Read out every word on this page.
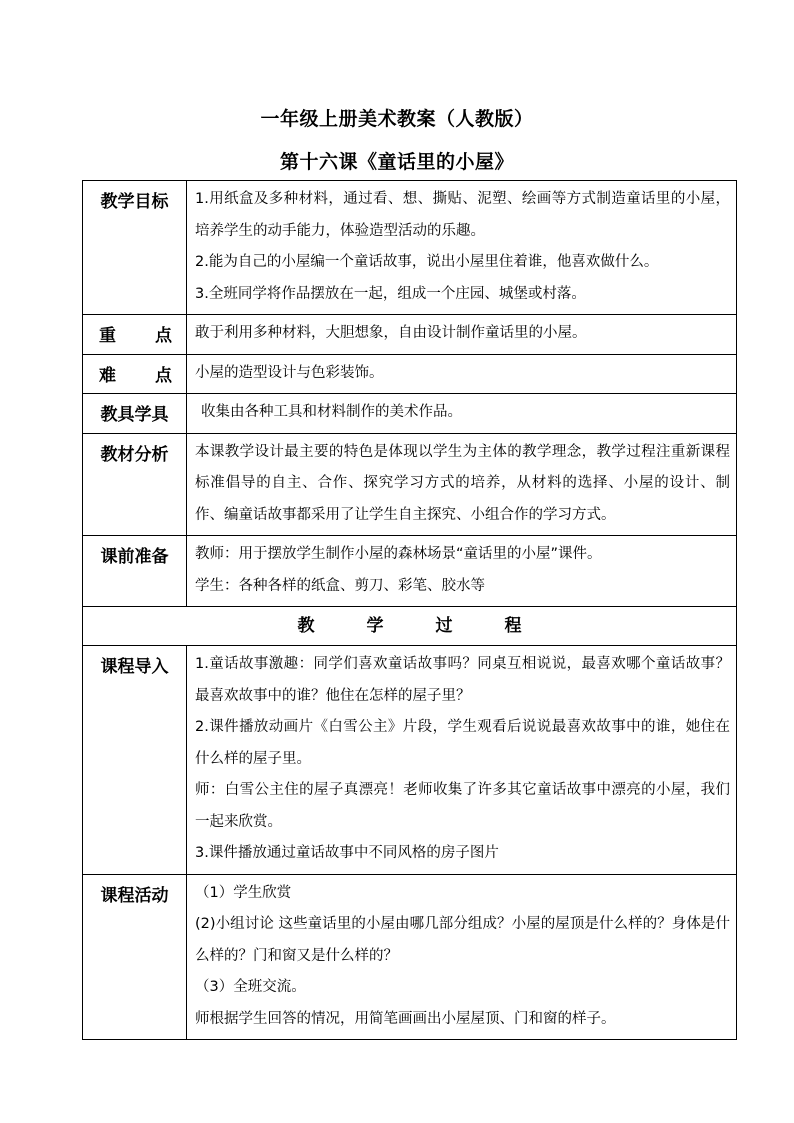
一年级上册美术教案（人教版）
第十六课《童话里的小屋》
教学目标	1.用纸盒及多种材料，通过看、想、撕贴、泥塑、绘画等方式制造童话里的小屋，培养学生的动手能力，体验造型活动的乐趣。

2.能为自己的小屋编一个童话故事，说出小屋里住着谁，他喜欢做什么。

3.全班同学将作品摆放在一起，组成一个庄园、城堡或村落。

重 点	敢于利用多种材料，大胆想象，自由设计制作童话里的小屋。

难 点	小屋的造型设计与色彩装饰。

教具学具	收集由各种工具和材料制作的美术作品。

教材分析	本课教学设计最主要的特色是体现以学生为主体的教学理念，教学过程注重新课程标准倡导的自主、合作、探究学习方式的培养，从材料的选择、小屋的设计、制作、编童话故事都采用了让学生自主探究、小组合作的学习方式。

课前准备	教师：用于摆放学生制作小屋的森林场景“童话里的小屋”课件。

学生：各种各样的纸盒、剪刀、彩笔、胶水等

教 学 过 程	

课程导入	1.童话故事激趣：同学们喜欢童话故事吗？同桌互相说说，最喜欢哪个童话故事？最喜欢故事中的谁？他住在怎样的屋子里？

2.课件播放动画片《白雪公主》片段，学生观看后说说最喜欢故事中的谁，她住在什么样的屋子里。

师：白雪公主住的屋子真漂亮！老师收集了许多其它童话故事中漂亮的小屋，我们一起来欣赏。

3.课件播放通过童话故事中不同风格的房子图片

课程活动	（1）学生欣赏

(2)小组讨论 这些童话里的小屋由哪几部分组成？小屋的屋顶是什么样的？身体是什么样的？门和窗又是什么样的？

（3）全班交流。

师根据学生回答的情况，用简笔画画出小屋屋顶、门和窗的样子。
